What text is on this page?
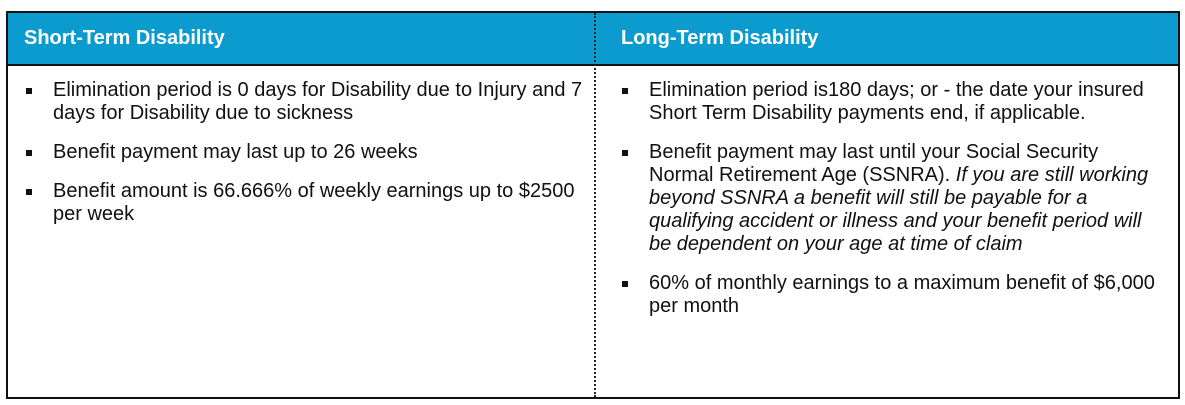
Short-Term Disability	Long-Term Disability
Elimination period is 0 days for Disability due to Injury and 7 days for Disability due to sickness
Benefit payment may last up to 26 weeks
Benefit amount is 66.666% of weekly earnings up to $2500 per week
Elimination period is180 days; or - the date your insured Short Term Disability payments end, if applicable.
Benefit payment may last until your Social Security Normal Retirement Age (SSNRA). If you are still working beyond SSNRA a benefit will still be payable for a qualifying accident or illness and your benefit period will be dependent on your age at time of claim
60% of monthly earnings to a maximum benefit of $6,000 per month
